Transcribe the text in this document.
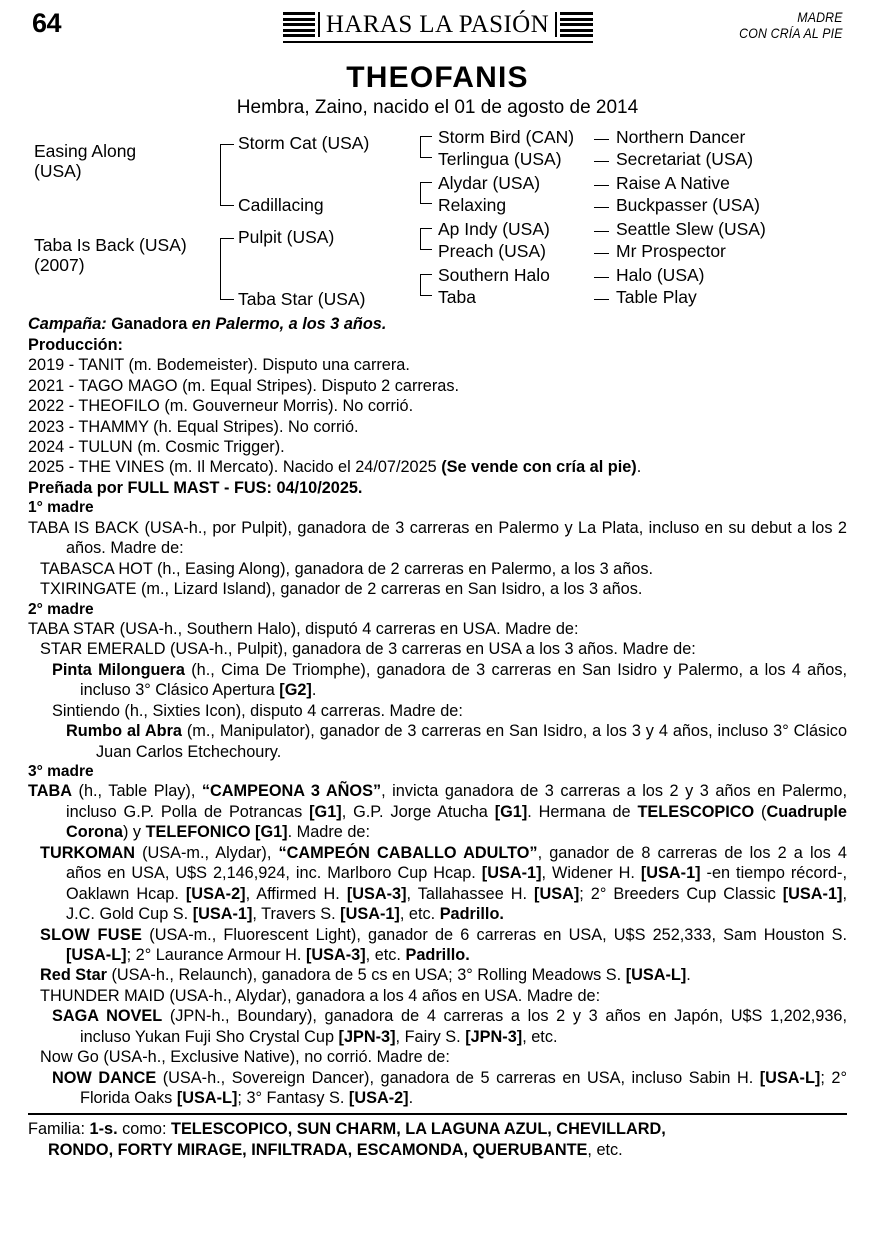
64	HARAS LA PASIÓN	MADRE
CON CRÍA AL PIE
THEOFANIS
Hembra, Zaino, nacido el 01 de agosto de 2014
Easing Along
(USA)
Taba Is Back (USA)
(2007)
Storm Cat (USA)
Cadillacing
Pulpit (USA)
Taba Star (USA)
Storm Bird (CAN)
Terlingua (USA)
Alydar (USA)
Relaxing
Ap Indy (USA)
Preach (USA)
Southern Halo
Taba
Northern Dancer
Secretariat (USA)
Raise A Native
Buckpasser (USA)
Seattle Slew (USA)
Mr Prospector
Halo (USA)
Table Play

Campaña: Ganadora en Palermo, a los 3 años.

Producción:

2019 - TANIT (m. Bodemeister). Disputo una carrera.

2021 - TAGO MAGO (m. Equal Stripes). Disputo 2 carreras.

2022 - THEOFILO (m. Gouverneur Morris). No corrió.

2023 - THAMMY (h. Equal Stripes). No corrió.

2024 - TULUN (m. Cosmic Trigger).

2025 - THE VINES (m. Il Mercato). Nacido el 24/07/2025 (Se vende con cría al pie).

Preñada por FULL MAST - FUS: 04/10/2025.

1° madre

TABA IS BACK (USA-h., por Pulpit), ganadora de 3 carreras en Palermo y La Plata, incluso en su debut a los 2 años. Madre de:

TABASCA HOT (h., Easing Along), ganadora de 2 carreras en Palermo, a los 3 años.

TXIRINGATE (m., Lizard Island), ganador de 2 carreras en San Isidro, a los 3 años.

2° madre

TABA STAR (USA-h., Southern Halo), disputó 4 carreras en USA. Madre de:

STAR EMERALD (USA-h., Pulpit), ganadora de 3 carreras en USA a los 3 años. Madre de:

Pinta Milonguera (h., Cima De Triomphe), ganadora de 3 carreras en San Isidro y Palermo, a los 4 años, incluso 3° Clásico Apertura [G2].

Sintiendo (h., Sixties Icon), disputo 4 carreras. Madre de:

Rumbo al Abra (m., Manipulator), ganador de 3 carreras en San Isidro, a los 3 y 4 años, incluso 3° Clásico Juan Carlos Etchechoury.

3° madre

TABA (h., Table Play), “CAMPEONA 3 AÑOS”, invicta ganadora de 3 carreras a los 2 y 3 años en Palermo, incluso G.P. Polla de Potrancas [G1], G.P. Jorge Atucha [G1]. Hermana de TELESCOPICO (Cuadruple Corona) y TELEFONICO [G1]. Madre de:

TURKOMAN (USA-m., Alydar), “CAMPEÓN CABALLO ADULTO”, ganador de 8 carreras de los 2 a los 4 años en USA, U$S 2,146,924, inc. Marlboro Cup Hcap. [USA-1], Widener H. [USA-1] -en tiempo récord-, Oaklawn Hcap. [USA-2], Affirmed H. [USA-3], Tallahassee H. [USA]; 2° Breeders Cup Classic [USA-1], J.C. Gold Cup S. [USA-1], Travers S. [USA-1], etc. Padrillo.

SLOW FUSE (USA-m., Fluorescent Light), ganador de 6 carreras en USA, U$S 252,333, Sam Houston S. [USA-L]; 2° Laurance Armour H. [USA-3], etc. Padrillo.

Red Star (USA-h., Relaunch), ganadora de 5 cs en USA; 3° Rolling Meadows S. [USA-L].

THUNDER MAID (USA-h., Alydar), ganadora a los 4 años en USA. Madre de:

SAGA NOVEL (JPN-h., Boundary), ganadora de 4 carreras a los 2 y 3 años en Japón, U$S 1,202,936, incluso Yukan Fuji Sho Crystal Cup [JPN-3], Fairy S. [JPN-3], etc.

Now Go (USA-h., Exclusive Native), no corrió. Madre de:

NOW DANCE (USA-h., Sovereign Dancer), ganadora de 5 carreras en USA, incluso Sabin H. [USA-L]; 2° Florida Oaks [USA-L]; 3° Fantasy S. [USA-2].

Familia: 1-s. como: TELESCOPICO, SUN CHARM, LA LAGUNA AZUL, CHEVILLARD,
RONDO, FORTY MIRAGE, INFILTRADA, ESCAMONDA, QUERUBANTE, etc.
